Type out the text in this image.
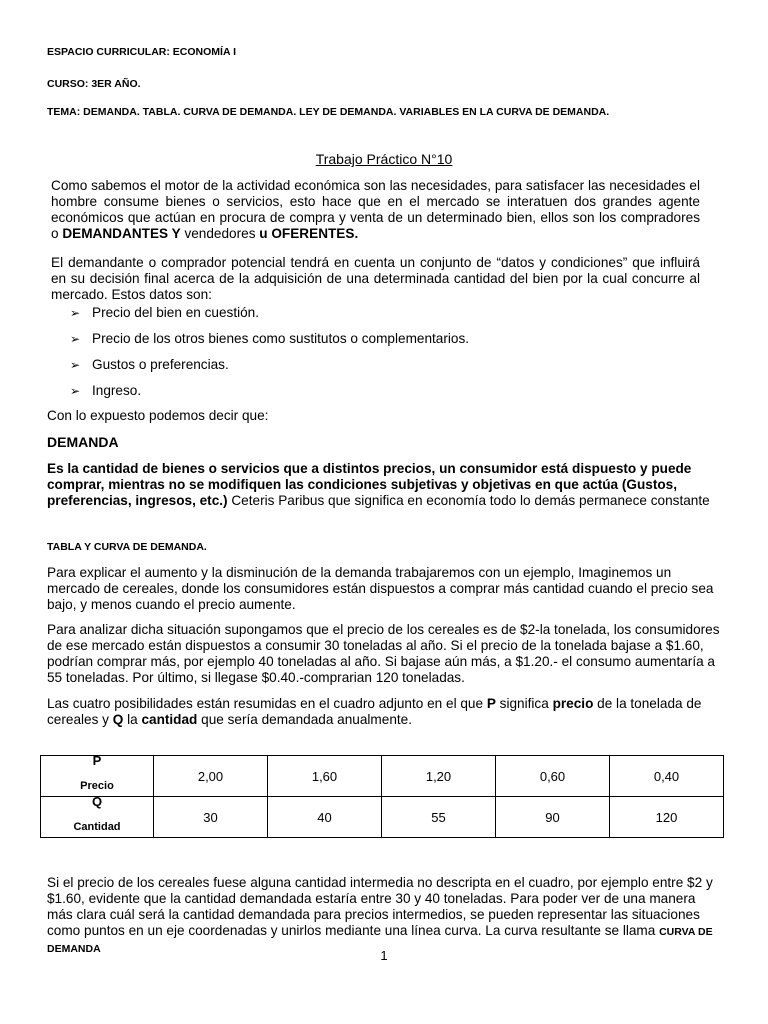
ESPACIO CURRICULAR: ECONOMÍA I
CURSO: 3ER AÑO.
TEMA: DEMANDA. TABLA. CURVA DE DEMANDA. LEY DE DEMANDA. VARIABLES EN LA CURVA DE DEMANDA.
Trabajo Práctico N°10
Como sabemos el motor de la actividad económica son las necesidades, para satisfacer las necesidades el hombre consume bienes o servicios, esto hace que en el mercado se interatuen dos grandes agente económicos que actúan en procura de compra y venta de un determinado bien, ellos son los compradores o DEMANDANTES Y vendedores u OFERENTES.
El demandante o comprador potencial tendrá en cuenta un conjunto de “datos y condiciones” que influirá en su decisión final acerca de la adquisición de una determinada cantidad del bien por la cual concurre al mercado. Estos datos son:
➢ Precio del bien en cuestión.
➢ Precio de los otros bienes como sustitutos o complementarios.
➢ Gustos o preferencias.
➢ Ingreso.
Con lo expuesto podemos decir que:
DEMANDA
Es la cantidad de bienes o servicios que a distintos precios, un consumidor está dispuesto y puede comprar, mientras no se modifiquen las condiciones subjetivas y objetivas en que actúa (Gustos, preferencias, ingresos, etc.) Ceteris Paribus que significa en economía todo lo demás permanece constante
TABLA Y CURVA DE DEMANDA.
Para explicar el aumento y la disminución de la demanda trabajaremos con un ejemplo, Imaginemos un mercado de cereales, donde los consumidores están dispuestos a comprar más cantidad cuando el precio sea bajo, y menos cuando el precio aumente.
Para analizar dicha situación supongamos que el precio de los cereales es de $2-la tonelada, los consumidores de ese mercado están dispuestos a consumir 30 toneladas al año. Si el precio de la tonelada bajase a $1.60, podrían comprar más, por ejemplo 40 toneladas al año. Si bajase aún más, a $1.20.- el consumo aumentaría a 55 toneladas. Por último, si llegase $0.40.-comprarian 120 toneladas.
Las cuatro posibilidades están resumidas en el cuadro adjunto en el que P significa precio de la tonelada de cereales y Q la cantidad que sería demandada anualmente.
P
Precio	2,00	1,60	1,20	0,60	0,40

Q
Cantidad	30	40	55	90	120
Si el precio de los cereales fuese alguna cantidad intermedia no descripta en el cuadro, por ejemplo entre $2 y $1.60, evidente que la cantidad demandada estaría entre 30 y 40 toneladas. Para poder ver de una manera más clara cuál será la cantidad demandada para precios intermedios, se pueden representar las situaciones como puntos en un eje coordenadas y unirlos mediante una línea curva. La curva resultante se llama CURVA DE DEMANDA	1
